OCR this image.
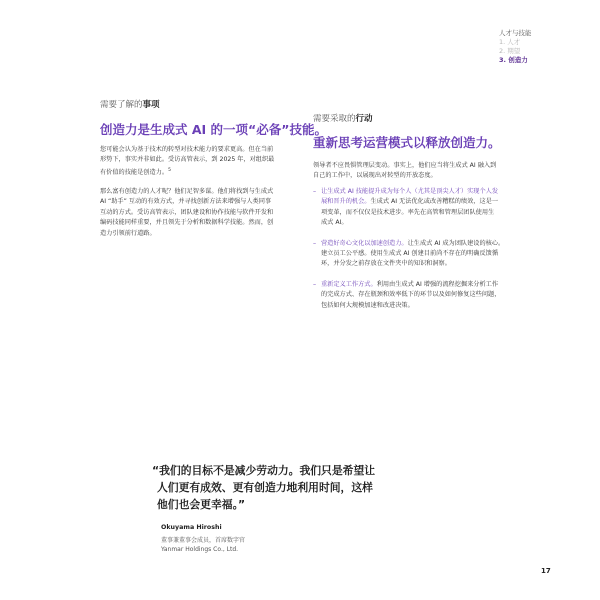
人才与技能
1. 人才
2. 期望
3. 创造力
需要了解的事项
创造力是生成式 AI 的一项“必备”技能。
您可能会认为基于技术的转型对技术能力的要求更高。但在当前
形势下，事实并非如此。受访高管表示，到 2025 年，对组织最
有价值的技能是创造力。$^5$
那么富有创造力的人才呢？他们足智多谋。他们将找到与生成式
AI “助手” 互动的有效方式，并寻找创新方法来增强与人类同事
互动的方式。受访高管表示，团队建设和协作技能与软件开发和
编码技能同样重要，并且领先于分析和数据科学技能。然而，创
造力引领前行道路。
需要采取的行动
重新思考运营模式以释放创造力。
领导者不应畏惧管理层变动。事实上，他们应当将生成式 AI 融入到
自己的工作中，以展现出对转型的开放态度。
– 让生成式 AI 技能提升成为每个人（尤其是顶尖人才）实现个人发
展和晋升的机会。生成式 AI 无法优化或改善糟糕的绩效，这是一
项变革，而不仅仅是技术进步。率先在高管和管理层团队使用生
成式 AI。
– 营造好奇心文化以加速创造力。让生成式 AI 成为团队建设的核心。
建立员工公平感。使用生成式 AI 创建目前尚不存在的明确反馈循
环，并分发之前存放在文件夹中的知识和洞察。
– 重新定义工作方式。利用由生成式 AI 增强的流程挖掘来分析工作
的完成方式、存在瓶颈和效率低下的环节以及如何修复这些问题，
包括如何大规模加速和改进决策。
“我们的目标不是减少劳动力。我们只是希望让
人们更有成效、更有创造力地利用时间，这样
他们也会更幸福。”
Okuyama Hiroshi
董事兼董事会成员，首席数字官
Yanmar Holdings Co., Ltd.
17
